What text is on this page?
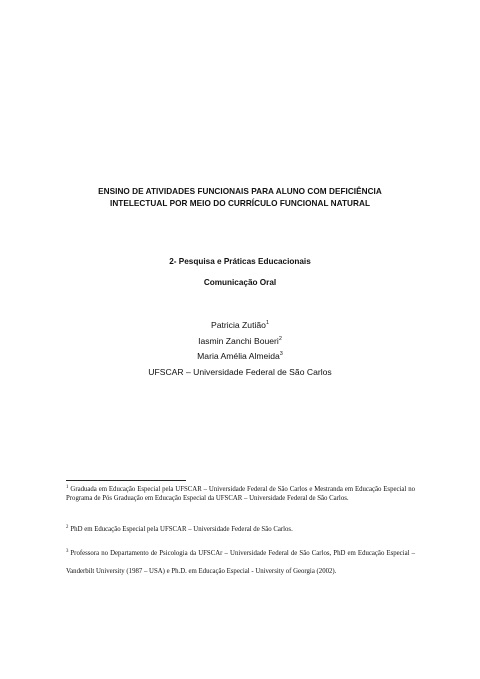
ENSINO DE ATIVIDADES FUNCIONAIS PARA ALUNO COM DEFICIÊNCIA
INTELECTUAL POR MEIO DO CURRÍCULO FUNCIONAL NATURAL
2- Pesquisa e Práticas Educacionais
Comunicação Oral
Patricia Zutião$^1$
Iasmin Zanchi Boueri$^2$
Maria Amélia Almeida$^3$
UFSCAR – Universidade Federal de São Carlos
$^1$ Graduada em Educação Especial pela UFSCAR – Universidade Federal de São Carlos e Mestranda em Educação Especial no Programa de Pós Graduação em Educação Especial da UFSCAR – Universidade Federal de São Carlos.
$^2$ PhD em Educação Especial pela UFSCAR – Universidade Federal de São Carlos.
$^3$ Professora no Departamento de Psicologia da UFSCAr – Universidade Federal de São Carlos, PhD em Educação Especial – Vanderbilt University (1987 – USA) e Ph.D. em Educação Especial - University of Georgia (2002).
